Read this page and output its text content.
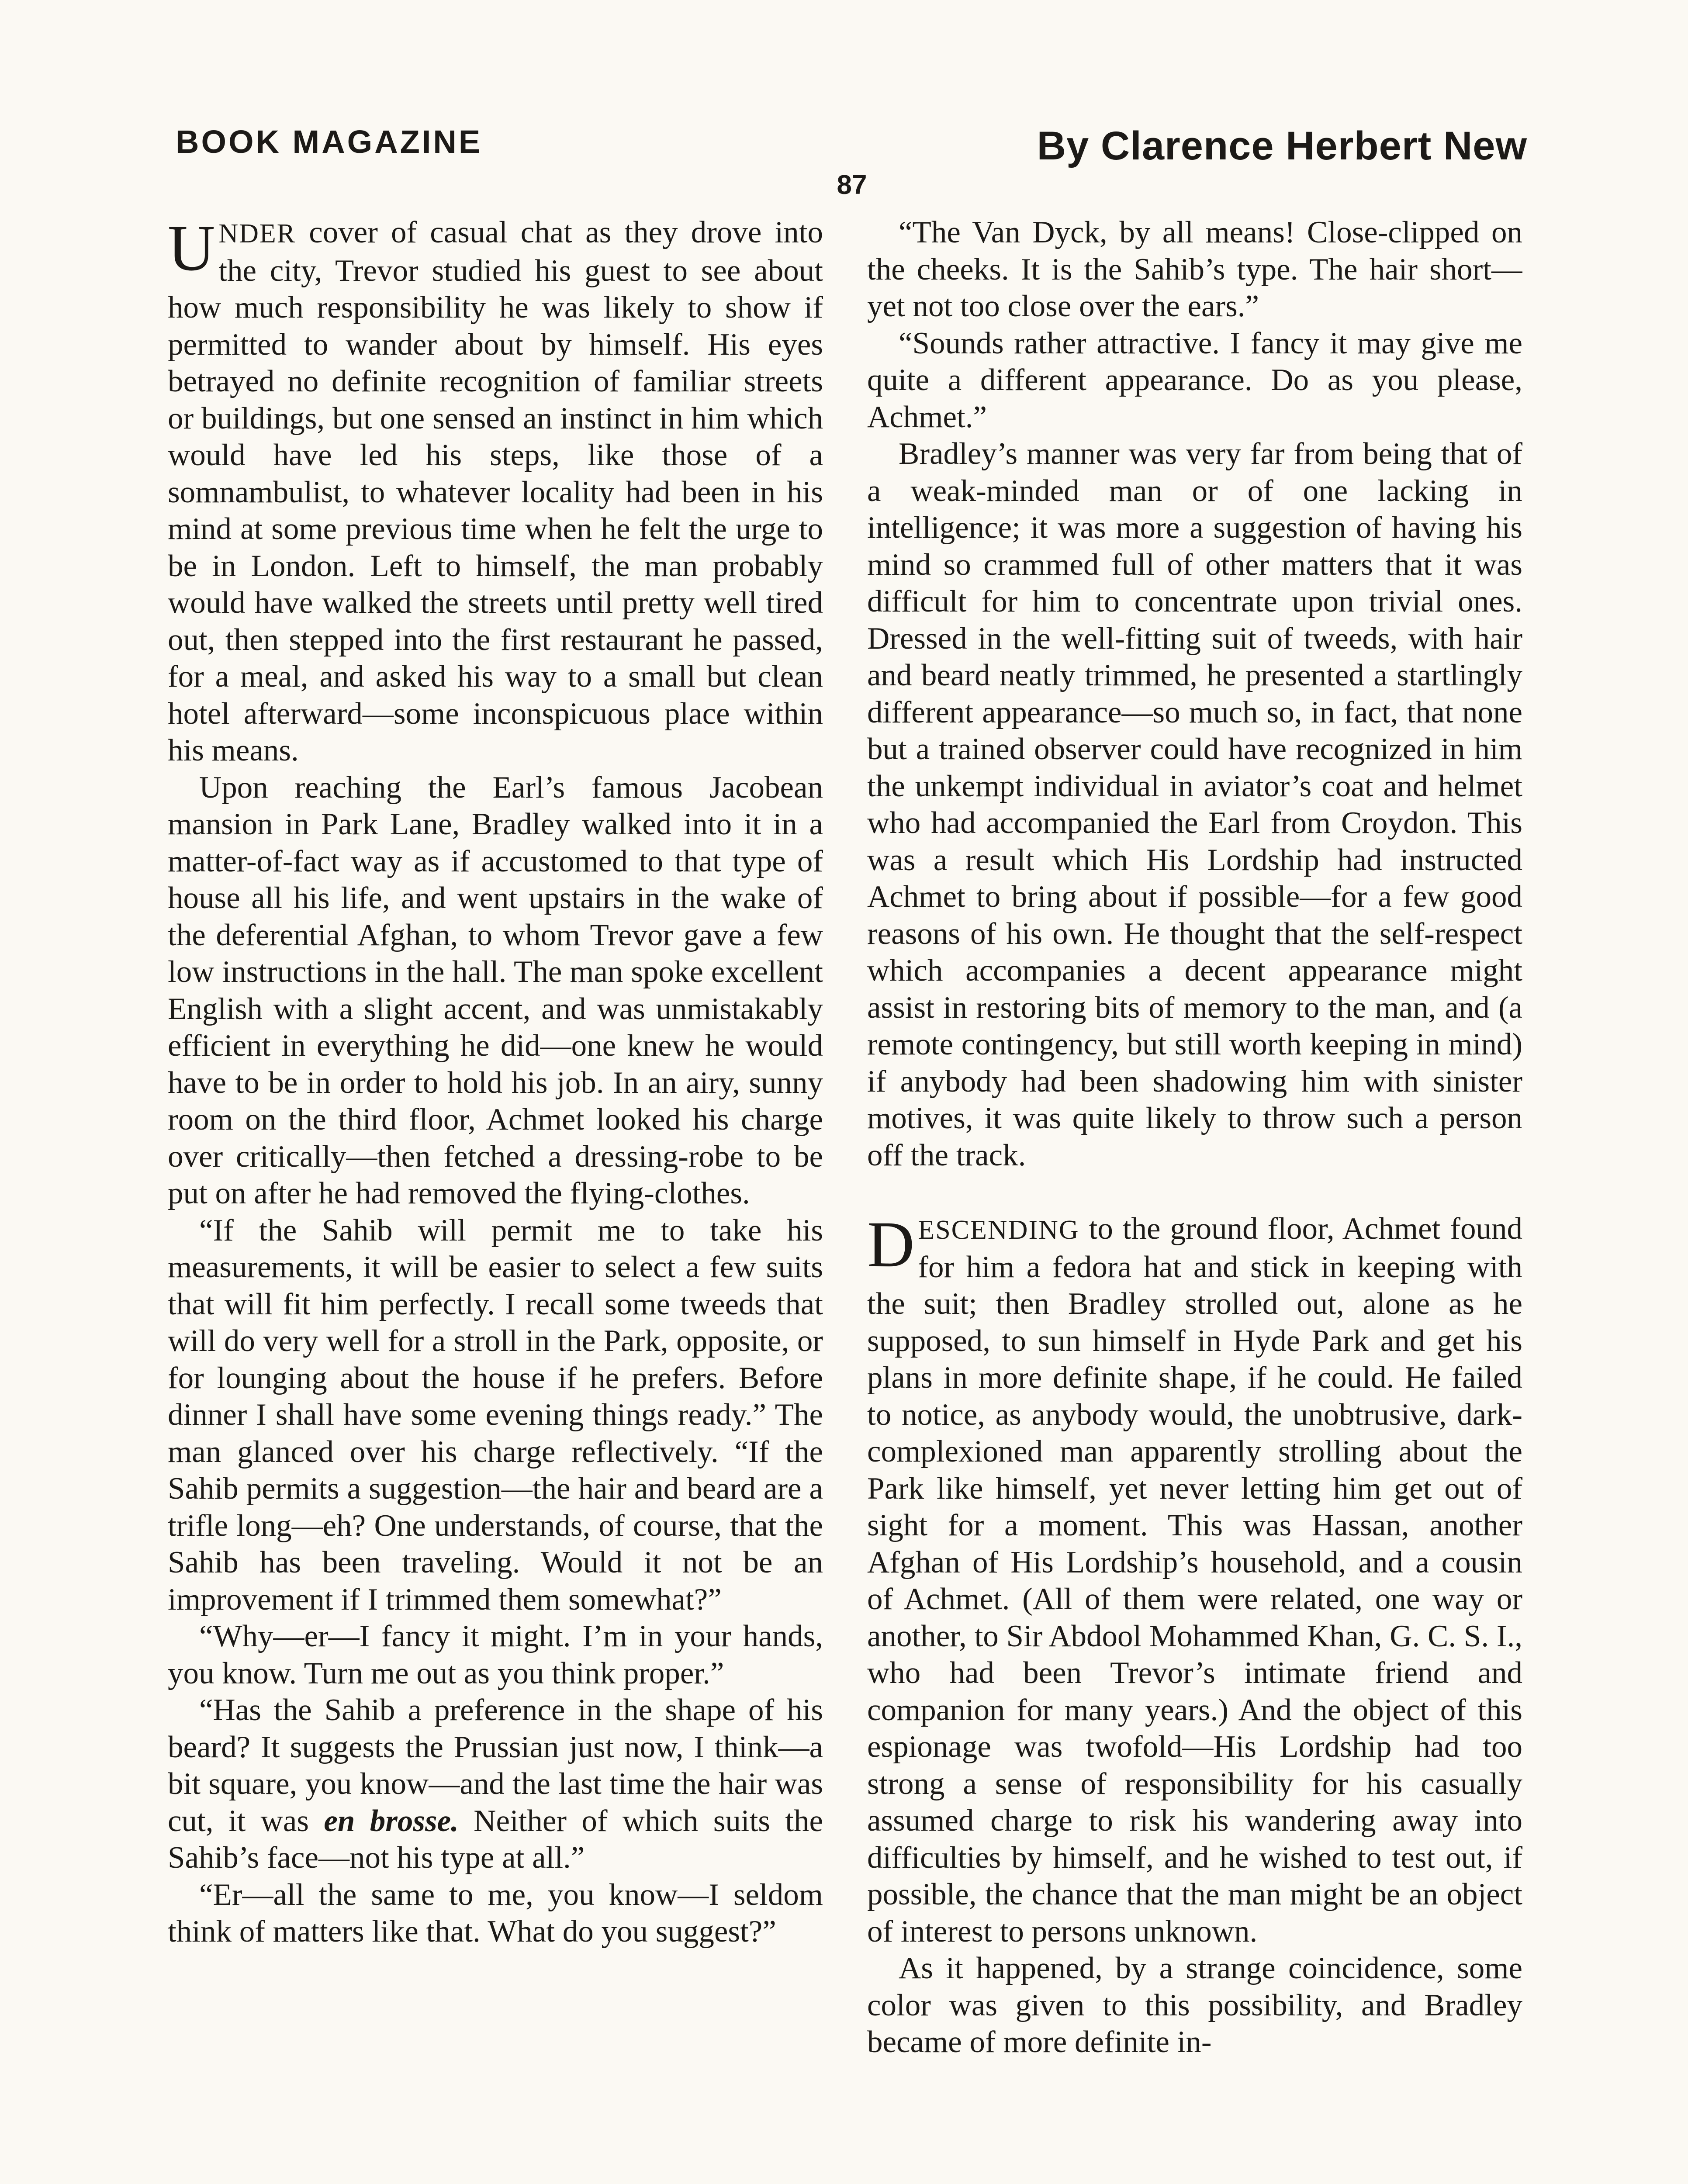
BOOK MAGAZINE	By Clarence Herbert New
87

UNDER cover of casual chat as they drove into the city, Trevor studied his guest to see about how much responsibility he was likely to show if permitted to wander about by himself. His eyes betrayed no definite recognition of familiar streets or buildings, but one sensed an instinct in him which would have led his steps, like those of a somnambulist, to whatever locality had been in his mind at some previous time when he felt the urge to be in London. Left to himself, the man probably would have walked the streets until pretty well tired out, then stepped into the first restaurant he passed, for a meal, and asked his way to a small but clean hotel afterward—some inconspicuous place within his means.

Upon reaching the Earl’s famous Jacobean mansion in Park Lane, Bradley walked into it in a matter-of-fact way as if accustomed to that type of house all his life, and went upstairs in the wake of the deferential Afghan, to whom Trevor gave a few low instructions in the hall. The man spoke excellent English with a slight accent, and was unmistakably efficient in everything he did—one knew he would have to be in order to hold his job. In an airy, sunny room on the third floor, Achmet looked his charge over critically—then fetched a dressing-robe to be put on after he had removed the flying-clothes.

“If the Sahib will permit me to take his measurements, it will be easier to select a few suits that will fit him perfectly. I recall some tweeds that will do very well for a stroll in the Park, opposite, or for lounging about the house if he prefers. Before dinner I shall have some evening things ready.” The man glanced over his charge reflectively. “If the Sahib permits a suggestion—the hair and beard are a trifle long—eh? One understands, of course, that the Sahib has been traveling. Would it not be an improvement if I trimmed them somewhat?”

“Why—er—I fancy it might. I’m in your hands, you know. Turn me out as you think proper.”

“Has the Sahib a preference in the shape of his beard? It suggests the Prussian just now, I think—a bit square, you know—and the last time the hair was cut, it was en brosse. Neither of which suits the Sahib’s face—not his type at all.”

“Er—all the same to me, you know—I seldom think of matters like that. What do you suggest?”

“The Van Dyck, by all means! Close-clipped on the cheeks. It is the Sahib’s type. The hair short—yet not too close over the ears.”

“Sounds rather attractive. I fancy it may give me quite a different appearance. Do as you please, Achmet.”

Bradley’s manner was very far from being that of a weak-minded man or of one lacking in intelligence; it was more a suggestion of having his mind so crammed full of other matters that it was difficult for him to concentrate upon trivial ones. Dressed in the well-fitting suit of tweeds, with hair and beard neatly trimmed, he presented a startlingly different appearance—so much so, in fact, that none but a trained observer could have recognized in him the unkempt individual in aviator’s coat and helmet who had accompanied the Earl from Croydon. This was a result which His Lordship had instructed Achmet to bring about if possible—for a few good reasons of his own. He thought that the self-respect which accompanies a decent appearance might assist in restoring bits of memory to the man, and (a remote contingency, but still worth keeping in mind) if anybody had been shadowing him with sinister motives, it was quite likely to throw such a person off the track.

DESCENDING to the ground floor, Achmet found for him a fedora hat and stick in keeping with the suit; then Bradley strolled out, alone as he supposed, to sun himself in Hyde Park and get his plans in more definite shape, if he could. He failed to notice, as anybody would, the unobtrusive, dark-complexioned man apparently strolling about the Park like himself, yet never letting him get out of sight for a moment. This was Hassan, another Afghan of His Lordship’s household, and a cousin of Achmet. (All of them were related, one way or another, to Sir Abdool Mohammed Khan, G. C. S. I., who had been Trevor’s intimate friend and companion for many years.) And the object of this espionage was twofold—His Lordship had too strong a sense of responsibility for his casually assumed charge to risk his wandering away into difficulties by himself, and he wished to test out, if possible, the chance that the man might be an object of interest to persons unknown.

As it happened, by a strange coincidence, some color was given to this possibility, and Bradley became of more definite in-
